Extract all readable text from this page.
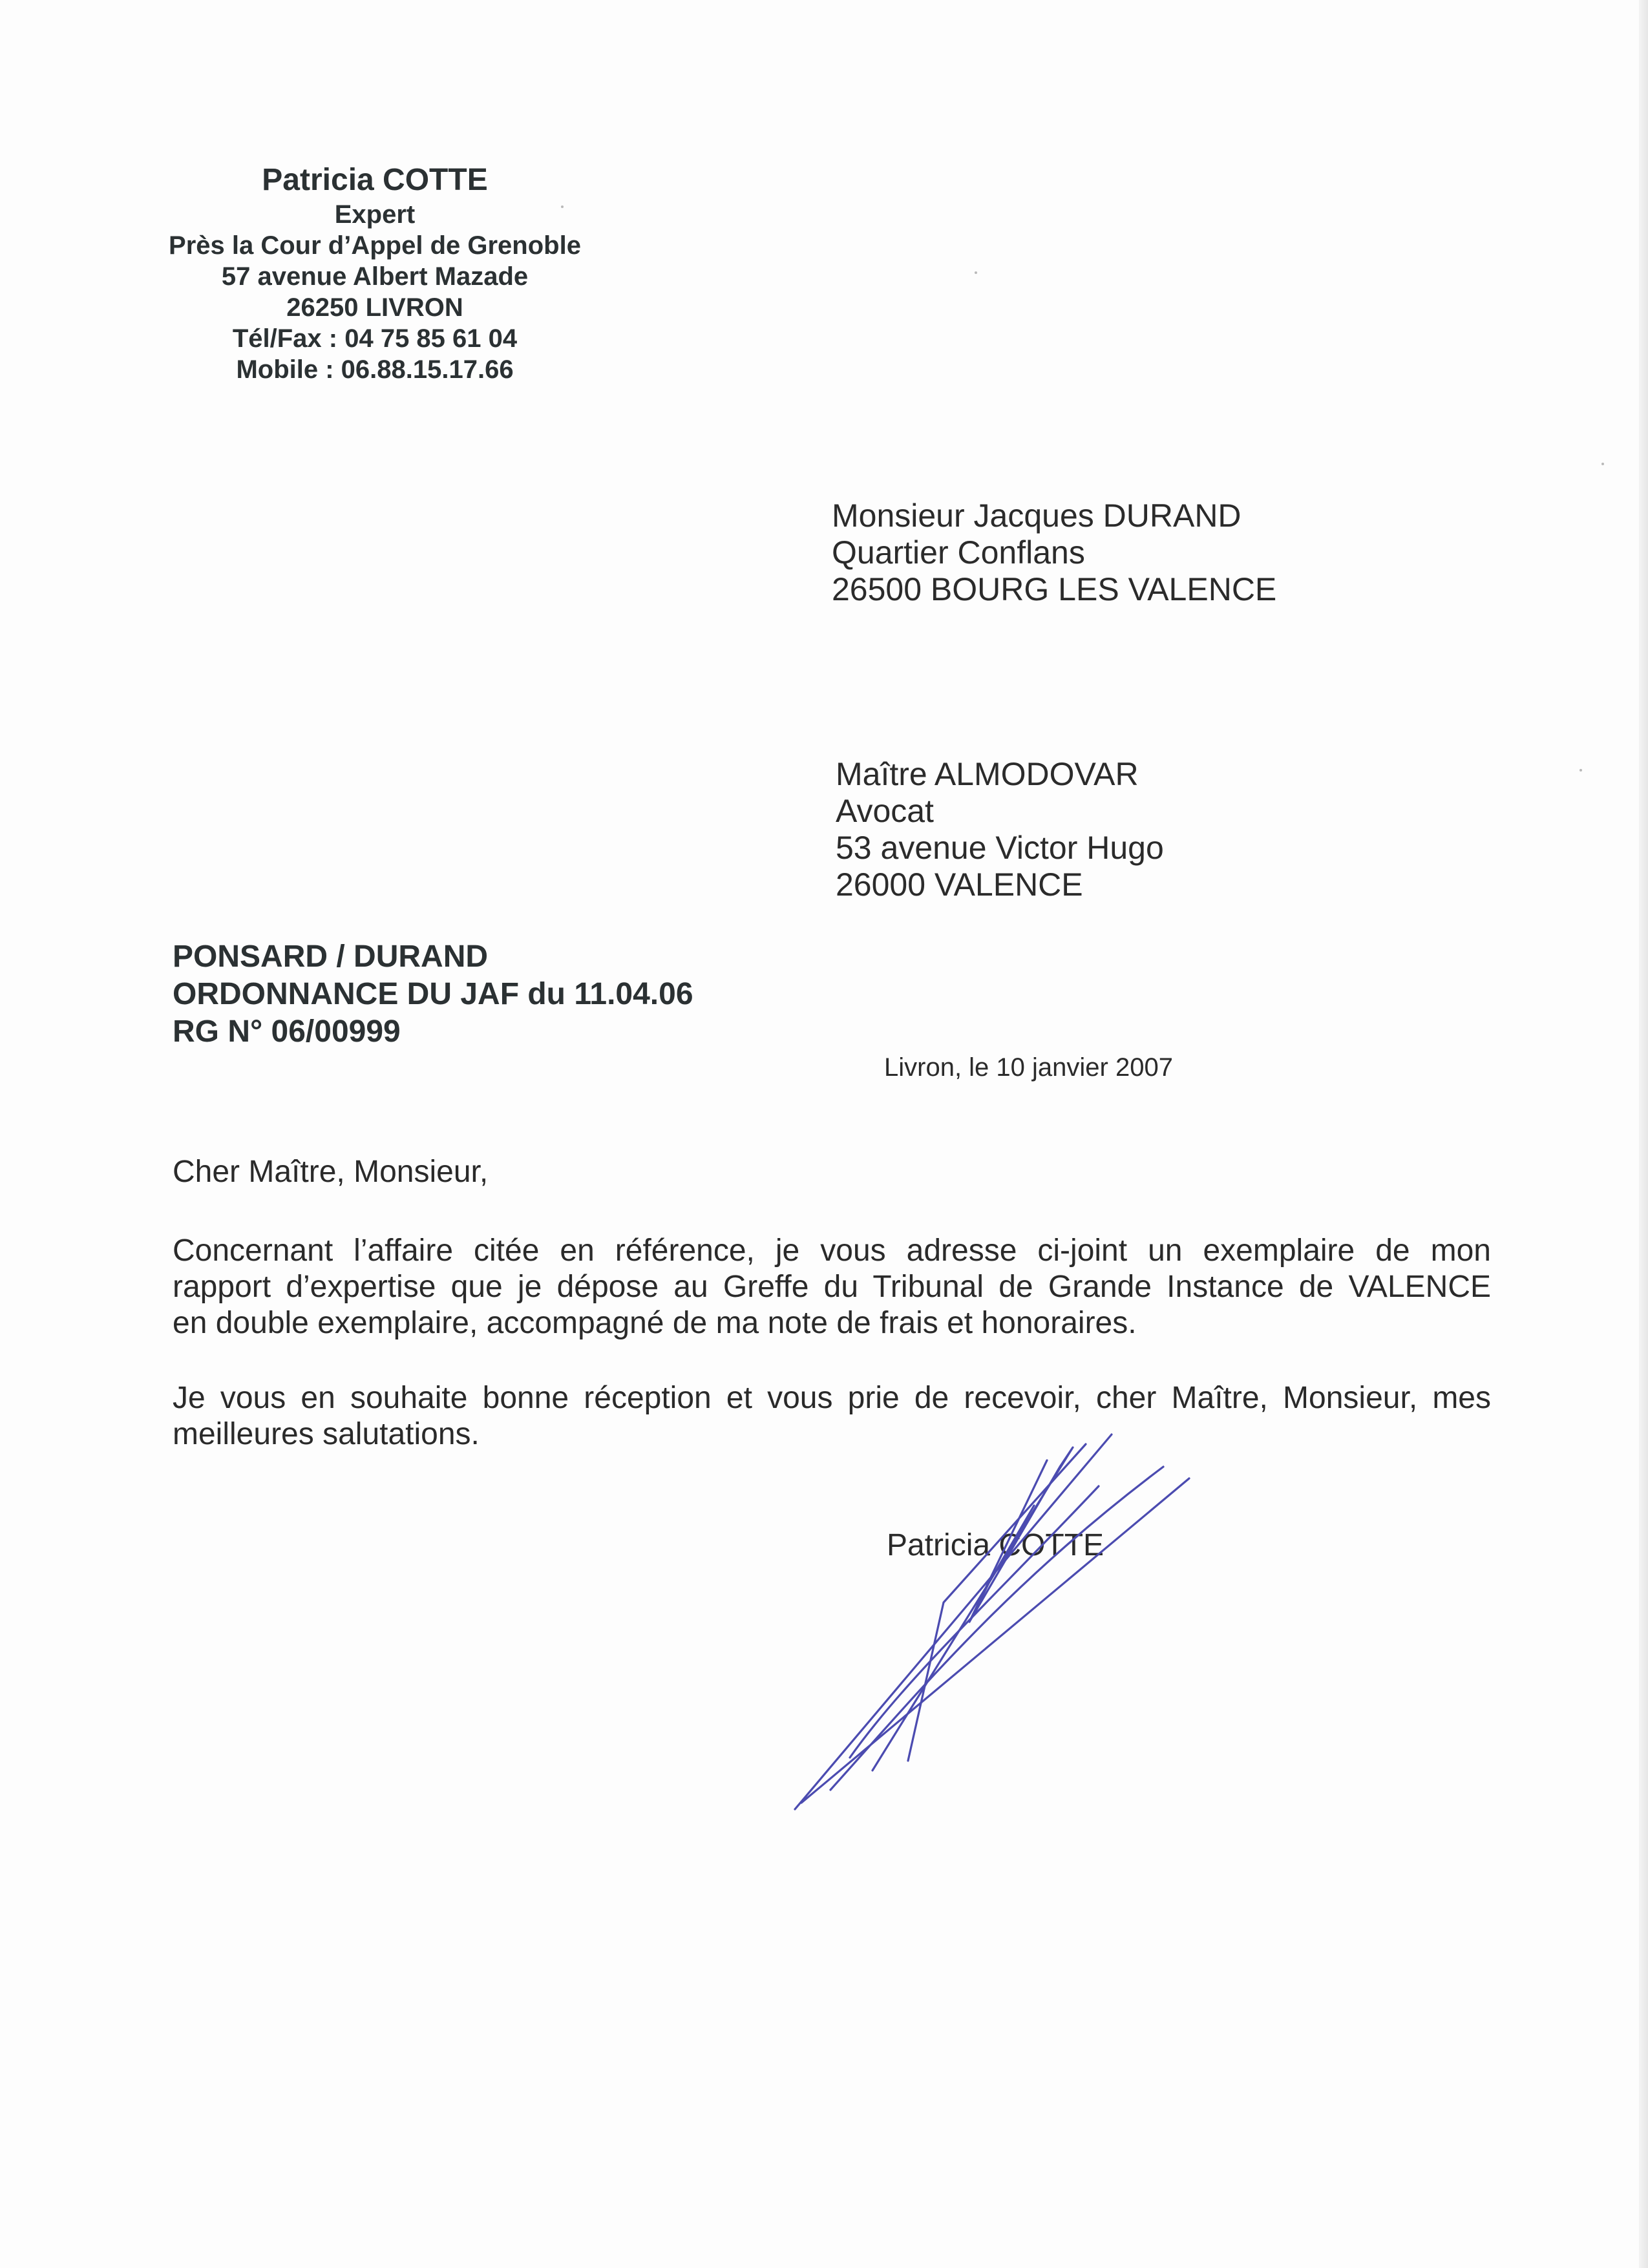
Patricia COTTE
Expert
Près la Cour d’Appel de Grenoble
57 avenue Albert Mazade
26250 LIVRON
Tél/Fax : 04 75 85 61 04
Mobile : 06.88.15.17.66
Monsieur Jacques DURAND
Quartier Conflans
26500 BOURG LES VALENCE
Maître ALMODOVAR
Avocat
53 avenue Victor Hugo
26000 VALENCE
PONSARD / DURAND
ORDONNANCE DU JAF du 11.04.06
RG N° 06/00999
Livron, le 10 janvier 2007
Cher Maître, Monsieur,
Concernant l’affaire citée en référence, je vous adresse ci-joint un exemplaire de mon
rapport d’expertise que je dépose au Greffe du Tribunal de Grande Instance de VALENCE
en double exemplaire, accompagné de ma note de frais et honoraires.
Je vous en souhaite bonne réception et vous prie de recevoir, cher Maître, Monsieur, mes
meilleures salutations.
Patricia COTTE
